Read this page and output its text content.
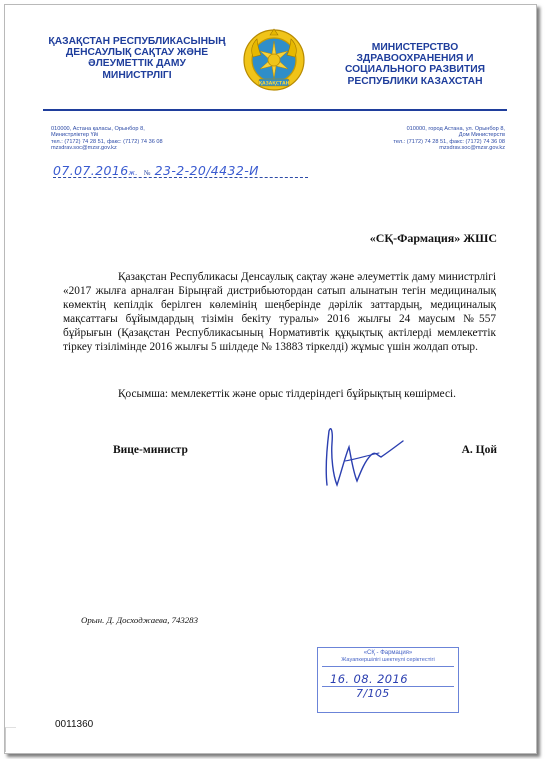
ҚАЗАҚСТАН РЕСПУБЛИКАСЫНЫҢ
ДЕНСАУЛЫҚ САҚТАУ ЖӘНЕ
ӘЛЕУМЕТТІК ДАМУ
МИНИСТРЛІГІ
ҚАЗАҚСТАН
МИНИСТЕРСТВО
ЗДРАВООХРАНЕНИЯ И
СОЦИАЛЬНОГО РАЗВИТИЯ
РЕСПУБЛИКИ КАЗАХСТАН
010000, Астана қаласы, Орынбор 8,
Министрлiктер Үйi
тел.: (7172) 74 28 51, факс: (7172) 74 36 08
mzsdrav.soc@mzsr.gov.kz
010000, город Астана, ул. Орынбор 8,
Дом Министерств
тел.: (7172) 74 28 51, факс: (7172) 74 36 08
mzsdrav.soc@mzsr.gov.kz
07.07.2016ж. № 23-2-20/4432-И
«СҚ-Фармация» ЖШС
Қазақстан Республикасы Денсаулық сақтау және әлеуметтік даму министрлігі «2017 жылға арналған Бірыңғай дистрибьютордан сатып алынатын тегін медициналық көмектің кепілдік берілген көлемінің шеңберінде дәрілік заттардың, медициналық мақсаттағы бұйымдардың тізімін бекіту туралы» 2016 жылғы 24 маусым №557 бұйрығын (Қазақстан Республикасының Нормативтік құқықтық актілерді мемлекеттік тіркеу тізілімінде 2016 жылғы 5 шілдеде № 13883 тіркелді) жұмыс үшін жолдап отыр.
Қосымша: мемлекеттік және орыс тілдеріндегі бұйрықтың көшірмесі.
Вице-министр	А. Цой
Орын. Д. Досходжаева, 743283
«СҚ - Фармация»
Жауапкершілігі шектеулі серіктестігі
16. 08. 2016
7/105
0011360
